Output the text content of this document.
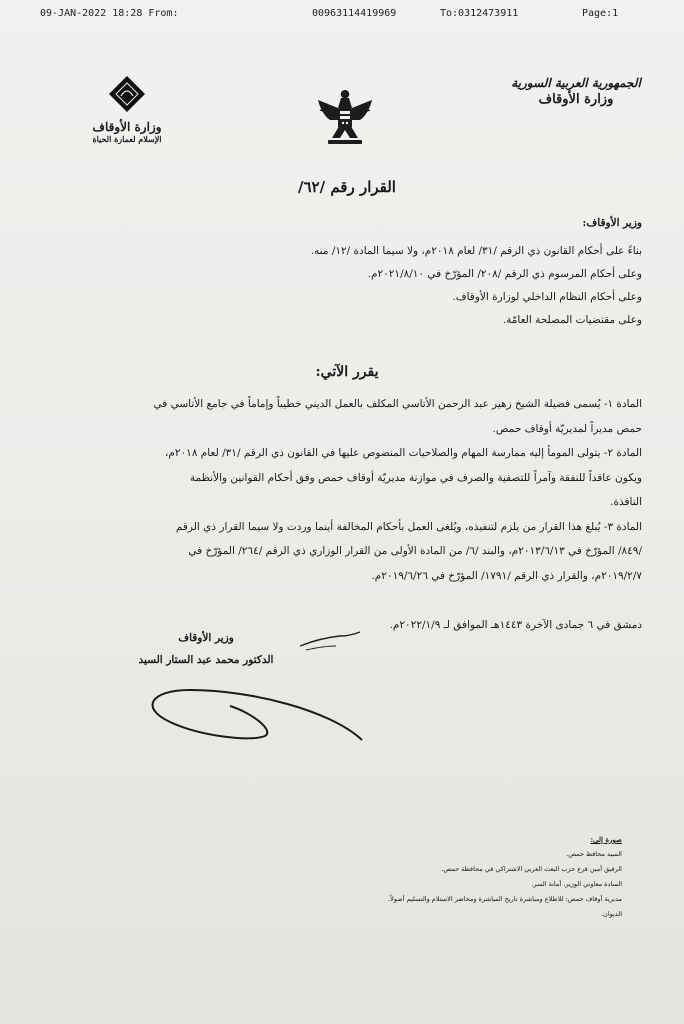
09-JAN-2022 18:28 From:	00963114419969	To:0312473911	Page:1
الجمهورية العربية السورية
وزارة الأوقاف
وزارة الأوقاف
الإسلام لعمارة الحياة
القرار رقم /٦٢/
وزير الأوقاف:
بناءً على أحكام القانون ذي الرقم /٣١/ لعام ٢٠١٨م، ولا سيما المادة /١٢/ منه.
وعلى أحكام المرسوم ذي الرقم /٢٠٨/ المؤرّخ في ٢٠٢١/٨/١٠م.
وعلى أحكام النظام الداخلي لوزارة الأوقاف.
وعلى مقتضيات المصلحة العامّة.
يقرر الآتي:
المادة ١- يُسمى فضيلة الشيخ زهير عبد الرحمن الأتاسي المكلف بالعمل الديني خطيباً وإماماً في جامع الأتاسي في
حمص مديراً لمديريّة أوقاف حمص.
المادة ٢- يتولى المومأ إليه ممارسة المهام والصلاحيات المنصوص عليها في القانون ذي الرقم /٣١/ لعام ٢٠١٨م،
ويكون عاقداً للنفقة وآمراً للتصفية والصرف في موازنة مديريّة أوقاف حمص وفق أحكام القوانين والأنظمة
النافذة.
المادة ٣- يُبلغ هذا القرار من يلزم لتنفيذه، ويُلغى العمل بأحكام المخالفة أينما وردت ولا سيما القرار ذي الرقم
/٨٤٩/ المؤرّخ في ٢٠١٣/٦/١٣م، والبند /٦/ من المادة الأولى من القرار الوزاري ذي الرقم /٢٦٤/ المؤرّخ في
٢٠١٩/٢/٧م، والقرار ذي الرقم /١٧٩١/ المؤرّخ في ٢٠١٩/٦/٢٦م.
دمشق في ٦ جمادى الآخرة ١٤٤٣هـ الموافق لـ ٢٠٢٢/١/٩م.
وزير الأوقاف
الدكتور محمد عبد الستار السيد
صورة إلى:
السيد محافظ حمص.
الرفيق أمين فرع حزب البعث العربي الاشتراكي في محافظة حمص.
السادة معاوني الوزير، أمانة السر.
مديرية أوقاف حمص: للاطلاع ومباشرة تاريخ المباشرة ومحاضر الاستلام والتسليم أصولاً.
الديوان.
